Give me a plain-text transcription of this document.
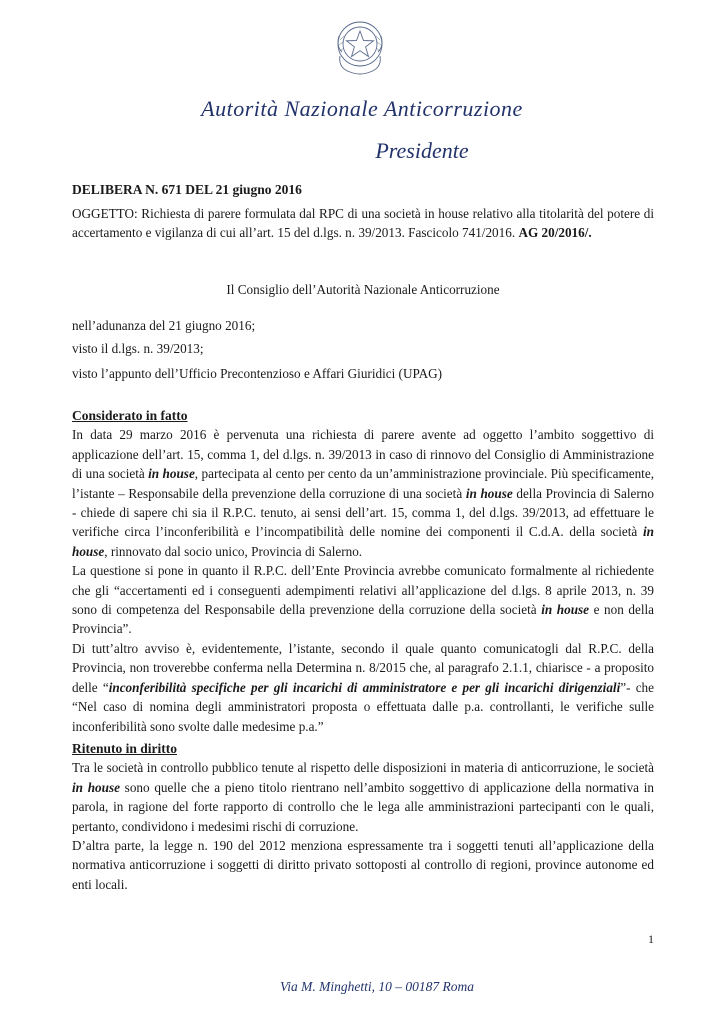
Autorità Nazionale Anticorruzione
Presidente

DELIBERA N. 671 DEL 21 giugno 2016

OGGETTO: Richiesta di parere formulata dal RPC di una società in house relativo alla titolarità del potere di accertamento e vigilanza di cui all’art. 15 del d.lgs. n. 39/2013. Fascicolo 741/2016. AG 20/2016/.

Il Consiglio dell’Autorità Nazionale Anticorruzione

nell’adunanza del 21 giugno 2016;

visto il d.lgs. n. 39/2013;

visto l’appunto dell’Ufficio Precontenzioso e Affari Giuridici (UPAG)

Considerato in fatto

In data 29 marzo 2016 è pervenuta una richiesta di parere avente ad oggetto l’ambito soggettivo di applicazione dell’art. 15, comma 1, del d.lgs. n. 39/2013 in caso di rinnovo del Consiglio di Amministrazione di una società in house, partecipata al cento per cento da un’amministrazione provinciale. Più specificamente, l’istante – Responsabile della prevenzione della corruzione di una società in house della Provincia di Salerno - chiede di sapere chi sia il R.P.C. tenuto, ai sensi dell’art. 15, comma 1, del d.lgs. 39/2013, ad effettuare le verifiche circa l’inconferibilità e l’incompatibilità delle nomine dei componenti il C.d.A. della società in house, rinnovato dal socio unico, Provincia di Salerno.

La questione si pone in quanto il R.P.C. dell’Ente Provincia avrebbe comunicato formalmente al richiedente che gli “accertamenti ed i conseguenti adempimenti relativi all’applicazione del d.lgs. 8 aprile 2013, n. 39 sono di competenza del Responsabile della prevenzione della corruzione della società in house e non della Provincia”.

Di tutt’altro avviso è, evidentemente, l’istante, secondo il quale quanto comunicatogli dal R.P.C. della Provincia, non troverebbe conferma nella Determina n. 8/2015 che, al paragrafo 2.1.1, chiarisce - a proposito delle “inconferibilità specifiche per gli incarichi di amministratore e per gli incarichi dirigenziali”- che “Nel caso di nomina degli amministratori proposta o effettuata dalle p.a. controllanti, le verifiche sulle inconferibilità sono svolte dalle medesime p.a.”

Ritenuto in diritto

Tra le società in controllo pubblico tenute al rispetto delle disposizioni in materia di anticorruzione, le società in house sono quelle che a pieno titolo rientrano nell’ambito soggettivo di applicazione della normativa in parola, in ragione del forte rapporto di controllo che le lega alle amministrazioni partecipanti con le quali, pertanto, condividono i medesimi rischi di corruzione.

D’altra parte, la legge n. 190 del 2012 menziona espressamente tra i soggetti tenuti all’applicazione della normativa anticorruzione i soggetti di diritto privato sottoposti al controllo di regioni, province autonome ed enti locali.

1
Via M. Minghetti, 10 – 00187 Roma
